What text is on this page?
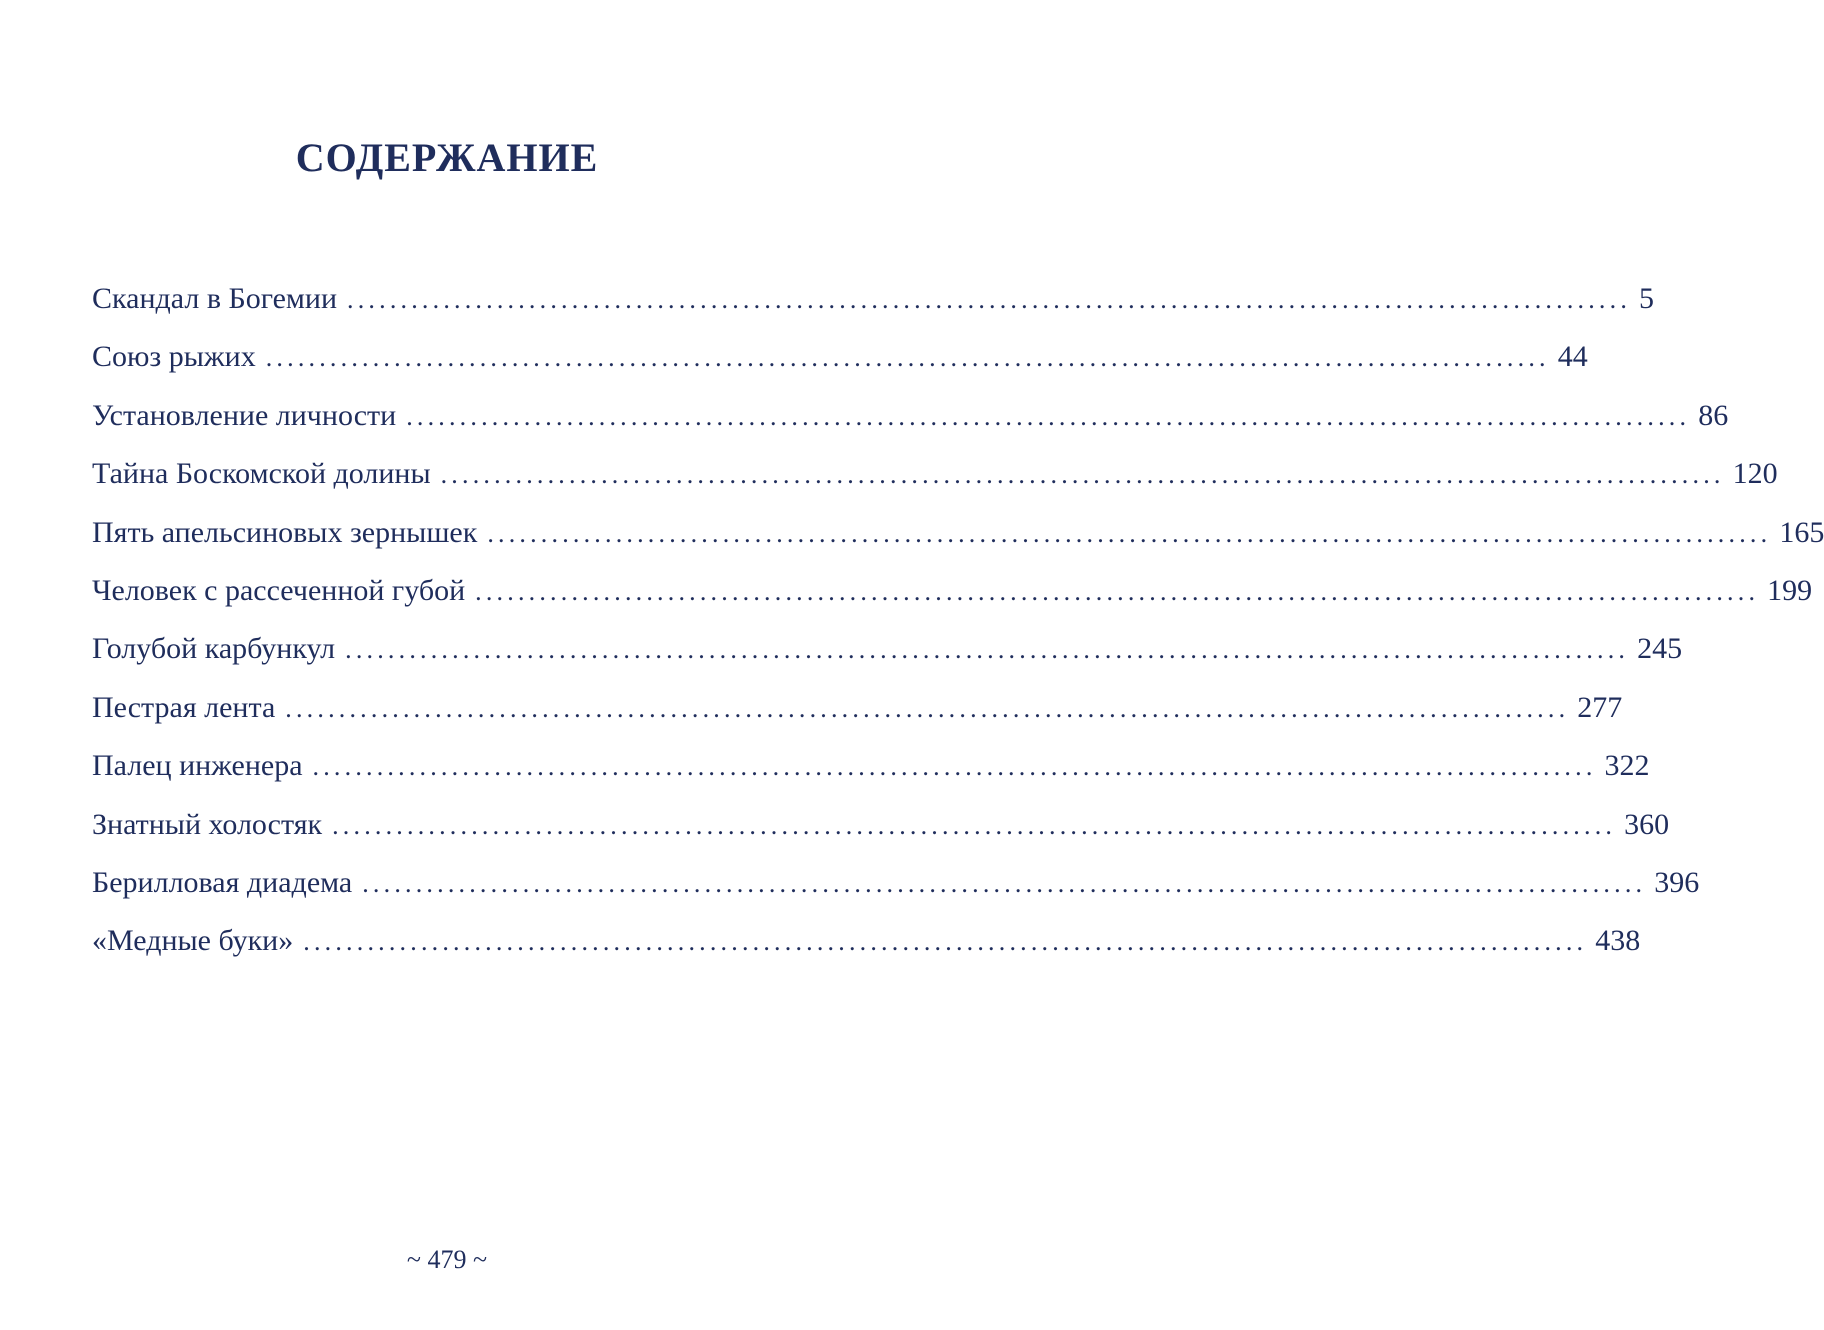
СОДЕРЖАНИЕ
Скандал в Богемии ........................................................................................................................ 5
Союз рыжих ........................................................................................................................ 44
Установление личности ........................................................................................................................ 86
Тайна Боскомской долины ........................................................................................................................ 120
Пять апельсиновых зернышек ........................................................................................................................ 165
Человек с рассеченной губой ........................................................................................................................ 199
Голубой карбункул ........................................................................................................................ 245
Пестрая лента ........................................................................................................................ 277
Палец инженера ........................................................................................................................ 322
Знатный холостяк ........................................................................................................................ 360
Берилловая диадема ........................................................................................................................ 396
«Медные буки» ........................................................................................................................ 438
~ 479 ~
